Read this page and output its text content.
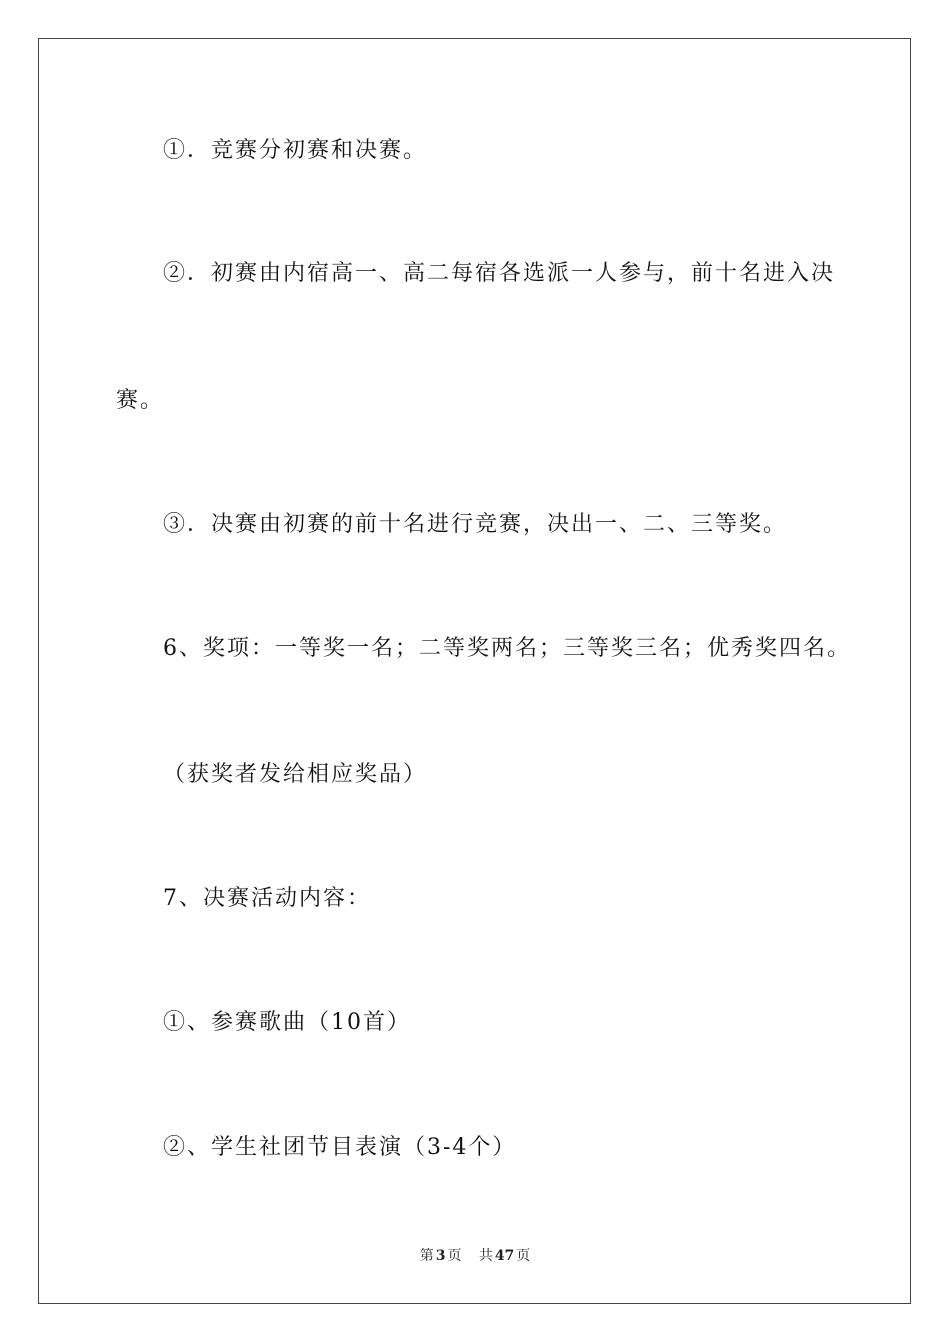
①．竞赛分初赛和决赛。
②．初赛由内宿高一、高二每宿各选派一人参与，前十名进入决
赛。
③．决赛由初赛的前十名进行竞赛，决出一、二、三等奖。
6、奖项：一等奖一名；二等奖两名；三等奖三名；优秀奖四名。
（获奖者发给相应奖品）
7、决赛活动内容：
①、参赛歌曲（10首）
②、学生社团节目表演（3-4个）
第 3 页 共 47 页
